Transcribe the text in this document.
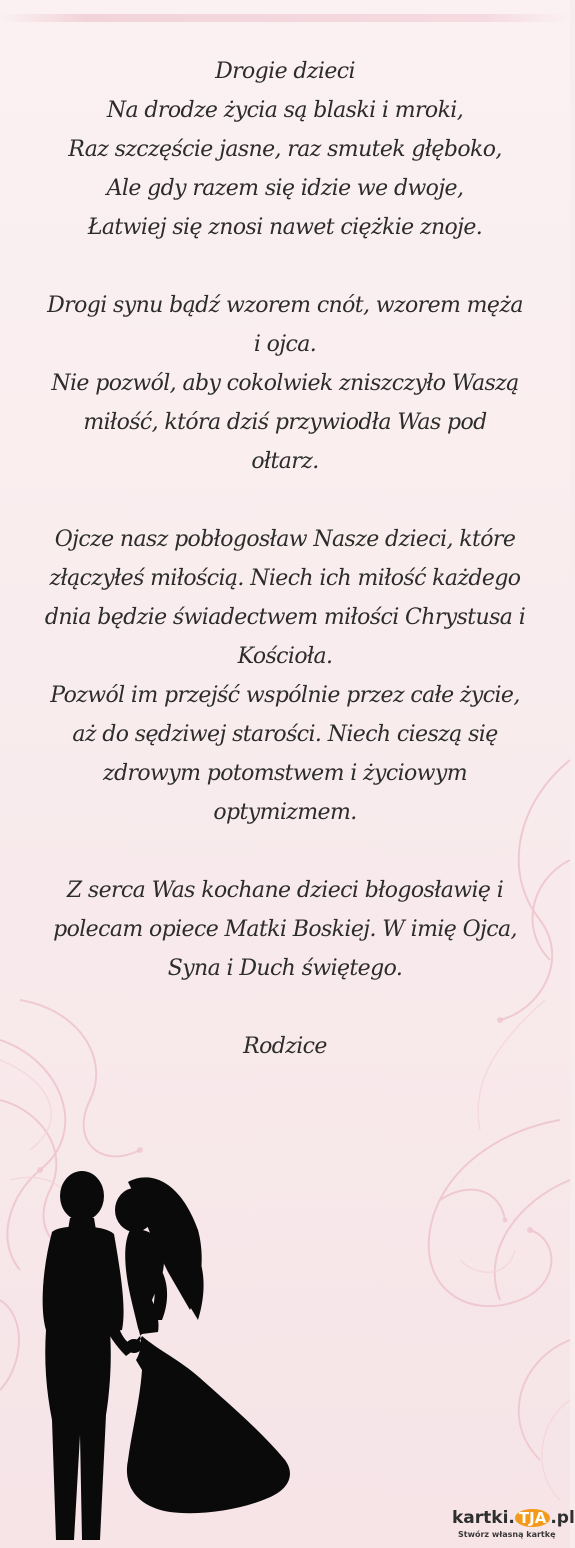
Drogie dzieci

Na drodze życia są blaski i mroki,

Raz szczęście jasne, raz smutek głęboko,

Ale gdy razem się idzie we dwoje,

Łatwiej się znosi nawet ciężkie znoje.

Drogi synu bądź wzorem cnót, wzorem męża

i ojca.

Nie pozwól, aby cokolwiek zniszczyło Waszą

miłość, która dziś przywiodła Was pod

ołtarz.

Ojcze nasz pobłogosław Nasze dzieci, które

złączyłeś miłością. Niech ich miłość każdego

dnia będzie świadectwem miłości Chrystusa i

Kościoła.

Pozwól im przejść wspólnie przez całe życie,

aż do sędziwej starości. Niech cieszą się

zdrowym potomstwem i życiowym

optymizmem.

Z serca Was kochane dzieci błogosławię i

polecam opiece Matki Boskiej. W imię Ojca,

Syna i Duch świętego.

Rodzice

kartki. TJA .pl
Stwórz własną kartkę
